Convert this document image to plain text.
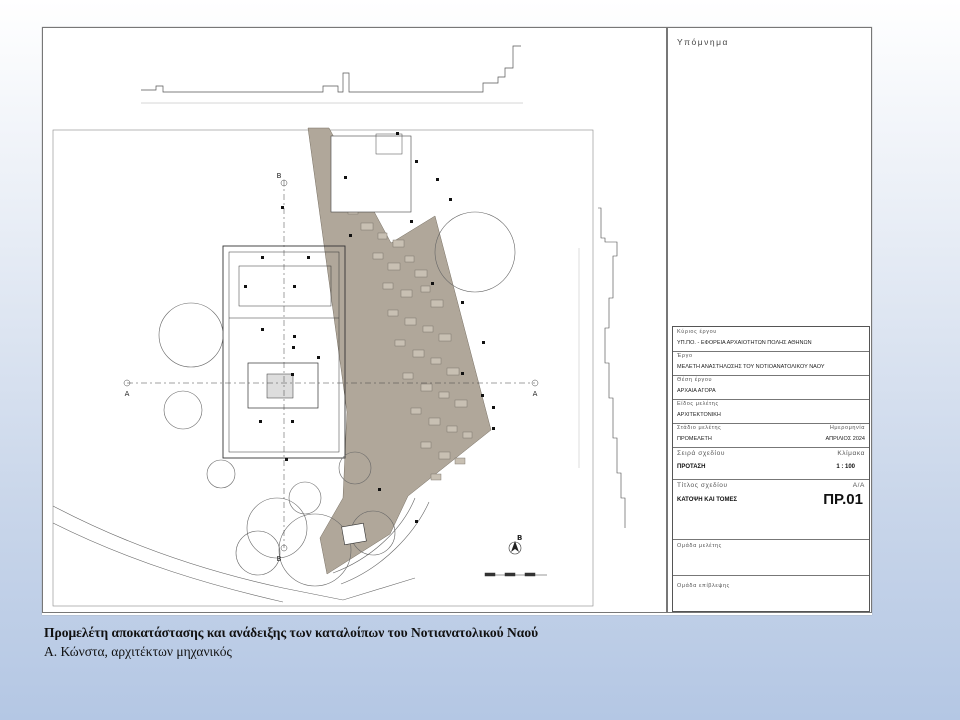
A	A
B
B
B
Υπόμνημα
Κύριος έργου
ΥΠ.ΠΟ. - ΕΦΟΡΕΙΑ ΑΡΧΑΙΟΤΗΤΩΝ ΠΟΛΗΣ ΑΘΗΝΩΝ
Έργο
ΜΕΛΕΤΗ ΑΝΑΣΤΗΛΩΣΗΣ ΤΟΥ ΝΟΤΙΟΑΝΑΤΟΛΙΚΟΥ ΝΑΟΥ
Θέση έργου
ΑΡΧΑΙΑ ΑΓΟΡΑ
Είδος μελέτης
ΑΡΧΙΤΕΚΤΟΝΙΚΗ
Στάδιο μελέτης	Ημερομηνία
ΠΡΟΜΕΛΕΤΗ	ΑΠΡΙΛΙΟΣ 2024
Σειρά σχεδίου	Κλίμακα
ΠΡΟΤΑΣΗ	1 : 100
Τίτλος σχεδίου	Α/Α
ΚΑΤΟΨΗ ΚΑΙ ΤΟΜΕΣ	ΠΡ.01
Ομάδα μελέτης
Ομάδα επίβλεψης
Προμελέτη αποκατάστασης και ανάδειξης των καταλοίπων του Νοτιανατολικού Ναού
Α. Κώνστα, αρχιτέκτων μηχανικός
